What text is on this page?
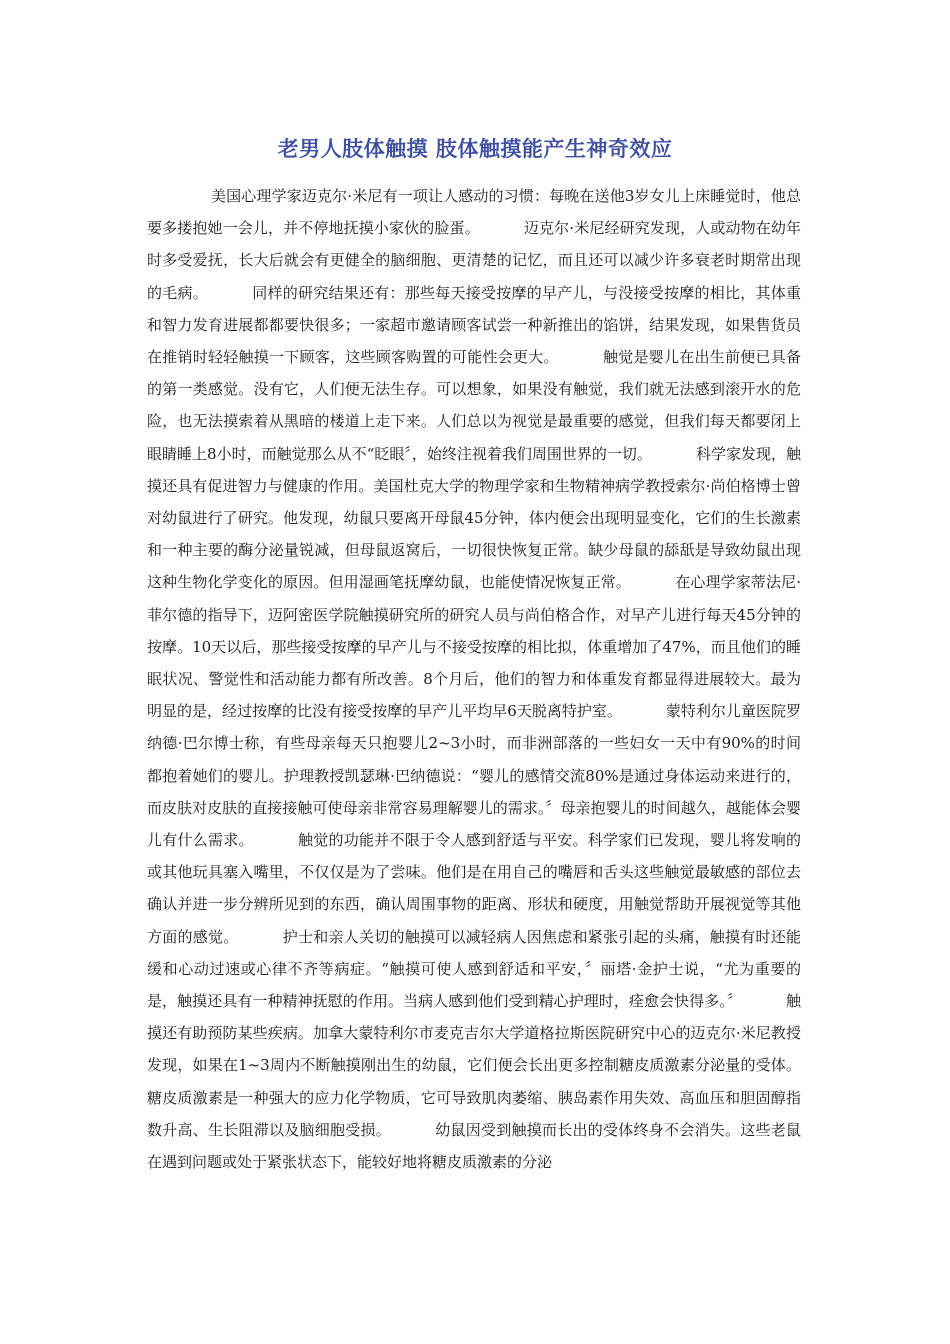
老男人肢体触摸 肢体触摸能产生神奇效应
美国心理学家迈克尔·米尼有一项让人感动的习惯：每晚在送他3岁女儿上床睡觉时，他总要多搂抱她一会儿，并不停地抚摸小家伙的脸蛋。	迈克尔·米尼经研究发现，人或动物在幼年时多受爱抚，长大后就会有更健全的脑细胞、更清楚的记忆，而且还可以减少许多衰老时期常出现的毛病。	同样的研究结果还有：那些每天接受按摩的早产儿，与没接受按摩的相比，其体重和智力发育进展都都要快很多；一家超市邀请顾客试尝一种新推出的馅饼，结果发现，如果售货员在推销时轻轻触摸一下顾客，这些顾客购置的可能性会更大。	触觉是婴儿在出生前便已具备的第一类感觉。没有它，人们便无法生存。可以想象，如果没有触觉，我们就无法感到滚开水的危险，也无法摸索着从黑暗的楼道上走下来。人们总以为视觉是最重要的感觉，但我们每天都要闭上眼睛睡上8小时，而触觉那么从不“眨眼〞，始终注视着我们周围世界的一切。	科学家发现，触摸还具有促进智力与健康的作用。美国杜克大学的物理学家和生物精神病学教授索尔·尚伯格博士曾对幼鼠进行了研究。他发现，幼鼠只要离开母鼠45分钟，体内便会出现明显变化，它们的生长激素和一种主要的酶分泌量锐减，但母鼠返窝后，一切很快恢复正常。缺少母鼠的舔舐是导致幼鼠出现这种生物化学变化的原因。但用湿画笔抚摩幼鼠，也能使情况恢复正常。	在心理学家蒂法尼·菲尔德的指导下，迈阿密医学院触摸研究所的研究人员与尚伯格合作，对早产儿进行每天45分钟的按摩。10天以后，那些接受按摩的早产儿与不接受按摩的相比拟，体重增加了47%，而且他们的睡眠状况、警觉性和活动能力都有所改善。8个月后，他们的智力和体重发育都显得进展较大。最为明显的是，经过按摩的比没有接受按摩的早产儿平均早6天脱离特护室。	蒙特利尔儿童医院罗纳德·巴尔博士称，有些母亲每天只抱婴儿2~3小时，而非洲部落的一些妇女一天中有90%的时间都抱着她们的婴儿。护理教授凯瑟琳·巴纳德说：“婴儿的感情交流80%是通过身体运动来进行的，而皮肤对皮肤的直接接触可使母亲非常容易理解婴儿的需求。〞母亲抱婴儿的时间越久，越能体会婴儿有什么需求。	触觉的功能并不限于令人感到舒适与平安。科学家们已发现，婴儿将发响的或其他玩具塞入嘴里，不仅仅是为了尝味。他们是在用自己的嘴唇和舌头这些触觉最敏感的部位去确认并进一步分辨所见到的东西，确认周围事物的距离、形状和硬度，用触觉帮助开展视觉等其他方面的感觉。	护士和亲人关切的触摸可以减轻病人因焦虑和紧张引起的头痛，触摸有时还能缓和心动过速或心律不齐等病症。“触摸可使人感到舒适和平安，〞丽塔·金护士说，“尤为重要的是，触摸还具有一种精神抚慰的作用。当病人感到他们受到精心护理时，痊愈会快得多。〞	触摸还有助预防某些疾病。加拿大蒙特利尔市麦克吉尔大学道格拉斯医院研究中心的迈克尔·米尼教授发现，如果在1~3周内不断触摸刚出生的幼鼠，它们便会长出更多控制糖皮质激素分泌量的受体。糖皮质激素是一种强大的应力化学物质，它可导致肌肉萎缩、胰岛素作用失效、高血压和胆固醇指数升高、生长阻滞以及脑细胞受损。	幼鼠因受到触摸而长出的受体终身不会消失。这些老鼠在遇到问题或处于紧张状态下，能较好地将糖皮质激素的分泌
